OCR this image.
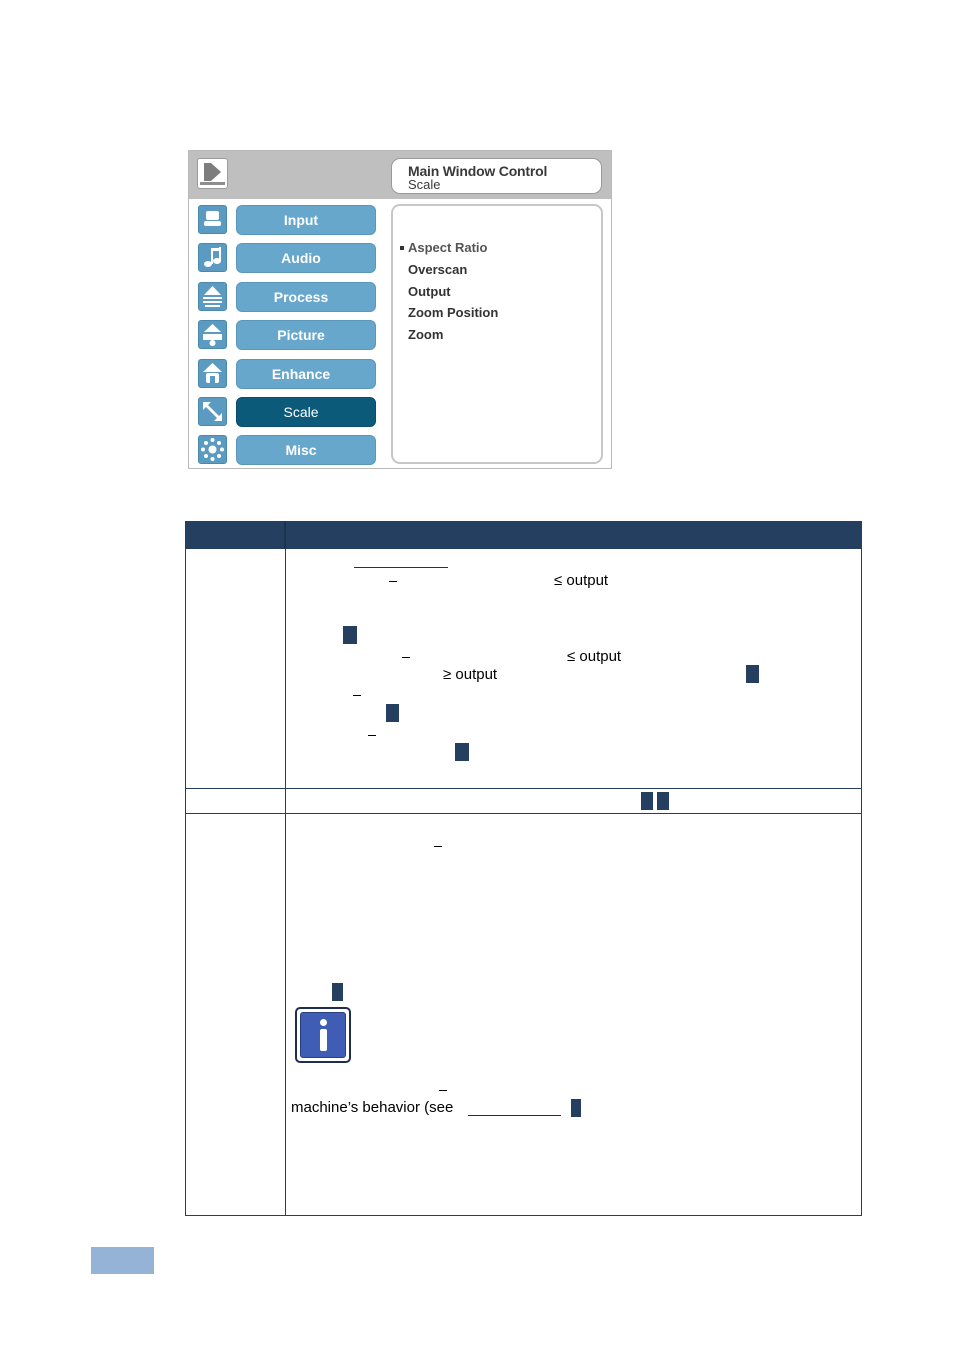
Main Window Control
Scale
Input
Audio
Process
Picture
Enhance
Scale
Misc
Aspect Ratio
Overscan
Output
Zoom Position
Zoom
≤ output
≤ output
≥ output
machine’s behavior (see
